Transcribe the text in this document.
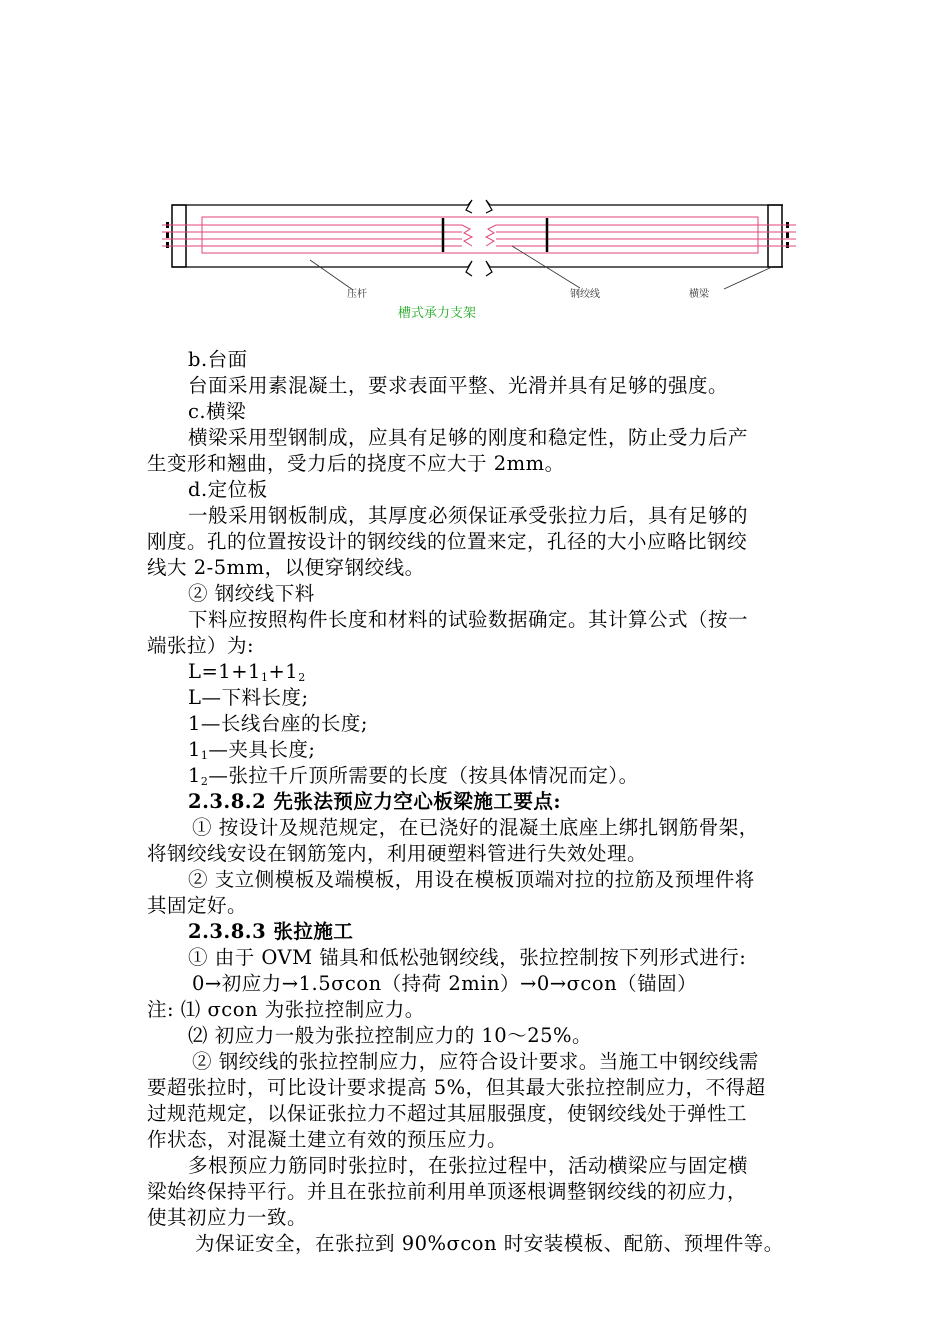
压杆	钢绞线	横梁
槽式承力支架
b.台面
台面采用素混凝土，要求表面平整、光滑并具有足够的强度。
c.横梁
横梁采用型钢制成，应具有足够的刚度和稳定性，防止受力后产
生变形和翘曲，受力后的挠度不应大于 2mm。
d.定位板
一般采用钢板制成，其厚度必须保证承受张拉力后，具有足够的
刚度。孔的位置按设计的钢绞线的位置来定，孔径的大小应略比钢绞
线大 2-5mm，以便穿钢绞线。
② 钢绞线下料
下料应按照构件长度和材料的试验数据确定。其计算公式（按一
端张拉）为:
$L=1+1_1+1_2$
L—下料长度;
1—长线台座的长度;
$1_1—$夹具长度;
$1_2—$张拉千斤顶所需要的长度（按具体情况而定）。
2.3.8.2 先张法预应力空心板梁施工要点:
① 按设计及规范规定，在已浇好的混凝土底座上绑扎钢筋骨架，
将钢绞线安设在钢筋笼内，利用硬塑料管进行失效处理。
② 支立侧模板及端模板，用设在模板顶端对拉的拉筋及预埋件将
其固定好。
2.3.8.3 张拉施工
① 由于 OVM 锚具和低松弛钢绞线，张拉控制按下列形式进行:
0→初应力→1.5σcon（持荷 2min）→0→σcon（锚固）
注: ⑴ σcon 为张拉控制应力。
⑵ 初应力一般为张拉控制应力的 10～25%。
② 钢绞线的张拉控制应力，应符合设计要求。当施工中钢绞线需
要超张拉时，可比设计要求提高 5%，但其最大张拉控制应力，不得超
过规范规定，以保证张拉力不超过其屈服强度，使钢绞线处于弹性工
作状态，对混凝土建立有效的预压应力。
多根预应力筋同时张拉时，在张拉过程中，活动横梁应与固定横
梁始终保持平行。并且在张拉前利用单顶逐根调整钢绞线的初应力，
使其初应力一致。
为保证安全，在张拉到 90%σcon 时安装模板、配筋、预埋件等。
